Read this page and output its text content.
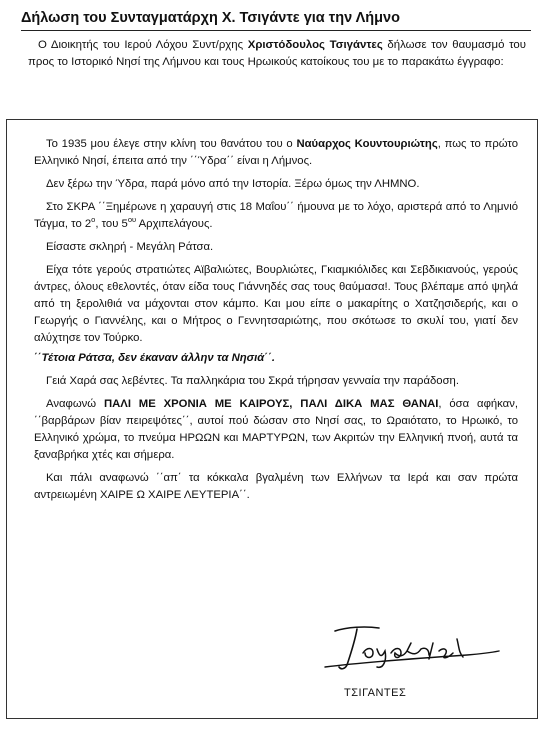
Δήλωση του Συνταγματάρχη Χ. Τσιγάντε για την Λήμνο
Ο Διοικητής του Ιερού Λόχου Συντ/ρχης Χριστόδουλος Τσιγάντες δήλωσε τον θαυμασμό του προς το Ιστορικό Νησί της Λήμνου και τους Ηρωικούς κατοίκους του με το παρακάτω έγγραφο:

Το 1935 μου έλεγε στην κλίνη του θανάτου του ο Ναύαρχος Κουντουριώτης, πως το πρώτο Ελληνικό Νησί, έπειτα από την ΄΄Ύδρα΄΄ είναι η Λήμνος.

Δεν ξέρω την Ύδρα, παρά μόνο από την Ιστορία. Ξέρω όμως την ΛΗΜΝΟ.

Στο ΣΚΡΑ ΄΄Ξημέρωνε η χαραυγή στις 18 Μαΐου΄΄ ήμουνα με το λόχο, αριστερά από το Λημνιό Τάγμα, το $2^o$, του $5^{o\upsilon}$ Αρχιπελάγους.

Είσαστε σκληρή - Μεγάλη Ράτσα.

Είχα τότε γερούς στρατιώτες Αϊβαλιώτες, Βουρλιώτες, Γκιαμκιόλιδες και Σεβδικιανούς, γερούς άντρες, όλους εθελοντές, όταν είδα τους Γιάννηδές σας τους θαύμασα!. Τους βλέπαμε από ψηλά από τη ξερολιθιά να μάχονται στον κάμπο. Και μου είπε ο μακαρίτης ο Χατζησιδερής, και ο Γεωργής ο Γιαννέλης, και ο Μήτρος ο Γεννητσαριώτης, που σκότωσε το σκυλί του, γιατί δεν αλύχτησε τον Τούρκο.

΄΄Τέτοια Ράτσα, δεν έκαναν άλλην τα Νησιά΄΄.

Γειά Χαρά σας λεβέντες. Τα παλληκάρια του Σκρά τήρησαν γενναία την παράδοση.

Αναφωνώ ΠΑΛΙ ΜΕ ΧΡΟΝΙΑ ΜΕ ΚΑΙΡΟΥΣ, ΠΑΛΙ ΔΙΚΑ ΜΑΣ ΘΑΝΑΙ, όσα αφήκαν, ΄΄βαρβάρων βίαν πειρεψότες΄΄, αυτοί πού δώσαν στο Νησί σας, το Ωραιότατο, το Ηρωικό, το Ελληνικό χρώμα, το πνεύμα ΗΡΩΩΝ και ΜΑΡΤΥΡΩΝ, των Ακριτών την Ελληνική πνοή, αυτά τα ξαναβρήκα χτές και σήμερα.

Και πάλι αναφωνώ ΄΄απ΄ τα κόκκαλα βγαλμένη των Ελλήνων τα Ιερά και σαν πρώτα αντρειωμένη ΧΑΙΡΕ Ω ΧΑΙΡΕ ΛΕΥΤΕΡΙΑ΄΄.

ΤΣΙΓΑΝΤΕΣ
